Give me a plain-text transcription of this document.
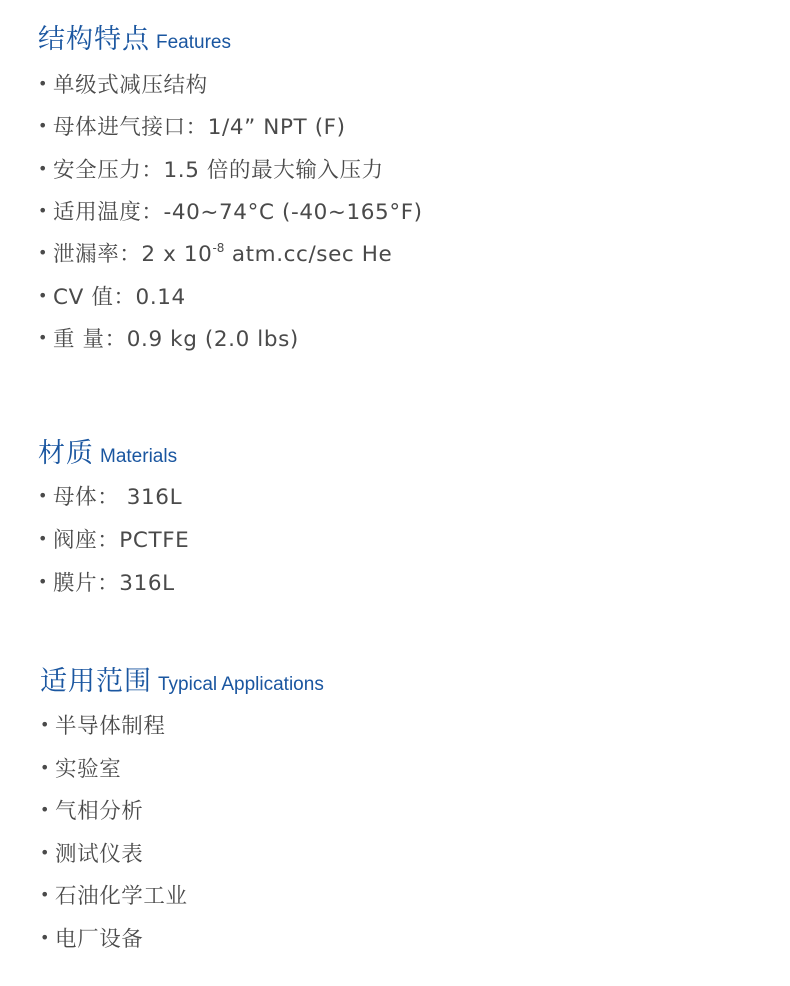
结构特点 Features
• 单级式减压结构
• 母体进气接口：1/4” NPT (F)
• 安全压力：1.5 倍的最大输入压力
• 适用温度：-40~74°C (-40~165°F)
• 泄漏率：2 x $10^{-8}$ atm.cc/sec He
• CV 值：0.14
• 重 量：0.9 kg (2.0 lbs)
材质 Materials
• 母体： 316L
• 阀座：PCTFE
• 膜片：316L
适用范围 Typical Applications
• 半导体制程
• 实验室
• 气相分析
• 测试仪表
• 石油化学工业
• 电厂设备
